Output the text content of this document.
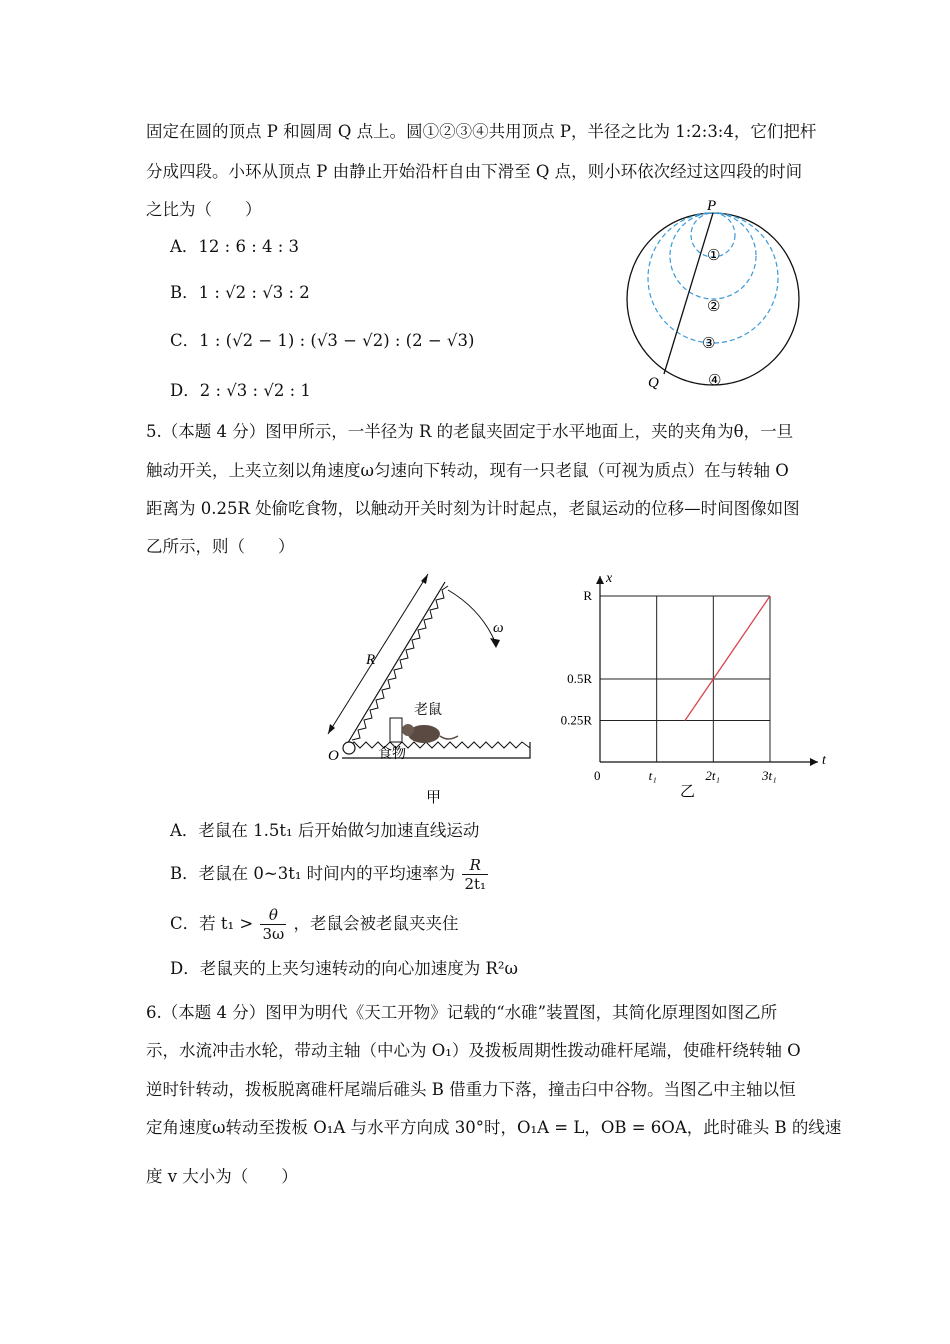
固定在圆的顶点 P 和圆周 Q 点上。圆①②③④共用顶点 P，半径之比为 1:2:3:4，它们把杆
分成四段。小环从顶点 P 由静止开始沿杆自由下滑至 Q 点，则小环依次经过这四段的时间
之比为（　　）
A．12 : 6 : 4 : 3
B．1 : √2 : √3 : 2
C．1 : (√2 − 1) : (√3 − √2) : (2 − √3)
D．2 : √3 : √2 : 1
P
Q
①
②
③
④
5.（本题 4 分）图甲所示，一半径为 R 的老鼠夹固定于水平地面上，夹的夹角为θ，一旦
触动开关，上夹立刻以角速度ω匀速向下转动，现有一只老鼠（可视为质点）在与转轴 O
距离为 0.25R 处偷吃食物，以触动开关时刻为计时起点，老鼠运动的位移—时间图像如图
乙所示，则（　　）
R
ω
O
老鼠
食物
甲
0	t₁	2t₁	3t₁
0.25R
0.5R
R
x
t
乙
A．老鼠在 1.5t₁ 后开始做匀加速直线运动
B．老鼠在 0~3t₁ 时间内的平均速率为 $\frac{R}{\text{2t₁}}$
C．若 $t_1 > \frac{\theta}{3\omega}$ ，老鼠会被老鼠夹夹住
D．老鼠夹的上夹匀速转动的向心加速度为 R²ω
6.（本题 4 分）图甲为明代《天工开物》记载的“水碓”装置图，其简化原理图如图乙所
示，水流冲击水轮，带动主轴（中心为 O₁）及拨板周期性拨动碓杆尾端，使碓杆绕转轴 O
逆时针转动，拨板脱离碓杆尾端后碓头 B 借重力下落，撞击臼中谷物。当图乙中主轴以恒
定角速度ω转动至拨板 O₁A 与水平方向成 30°时，O₁A = L，OB = 6OA，此时碓头 B 的线速
度 v 大小为（　　）
